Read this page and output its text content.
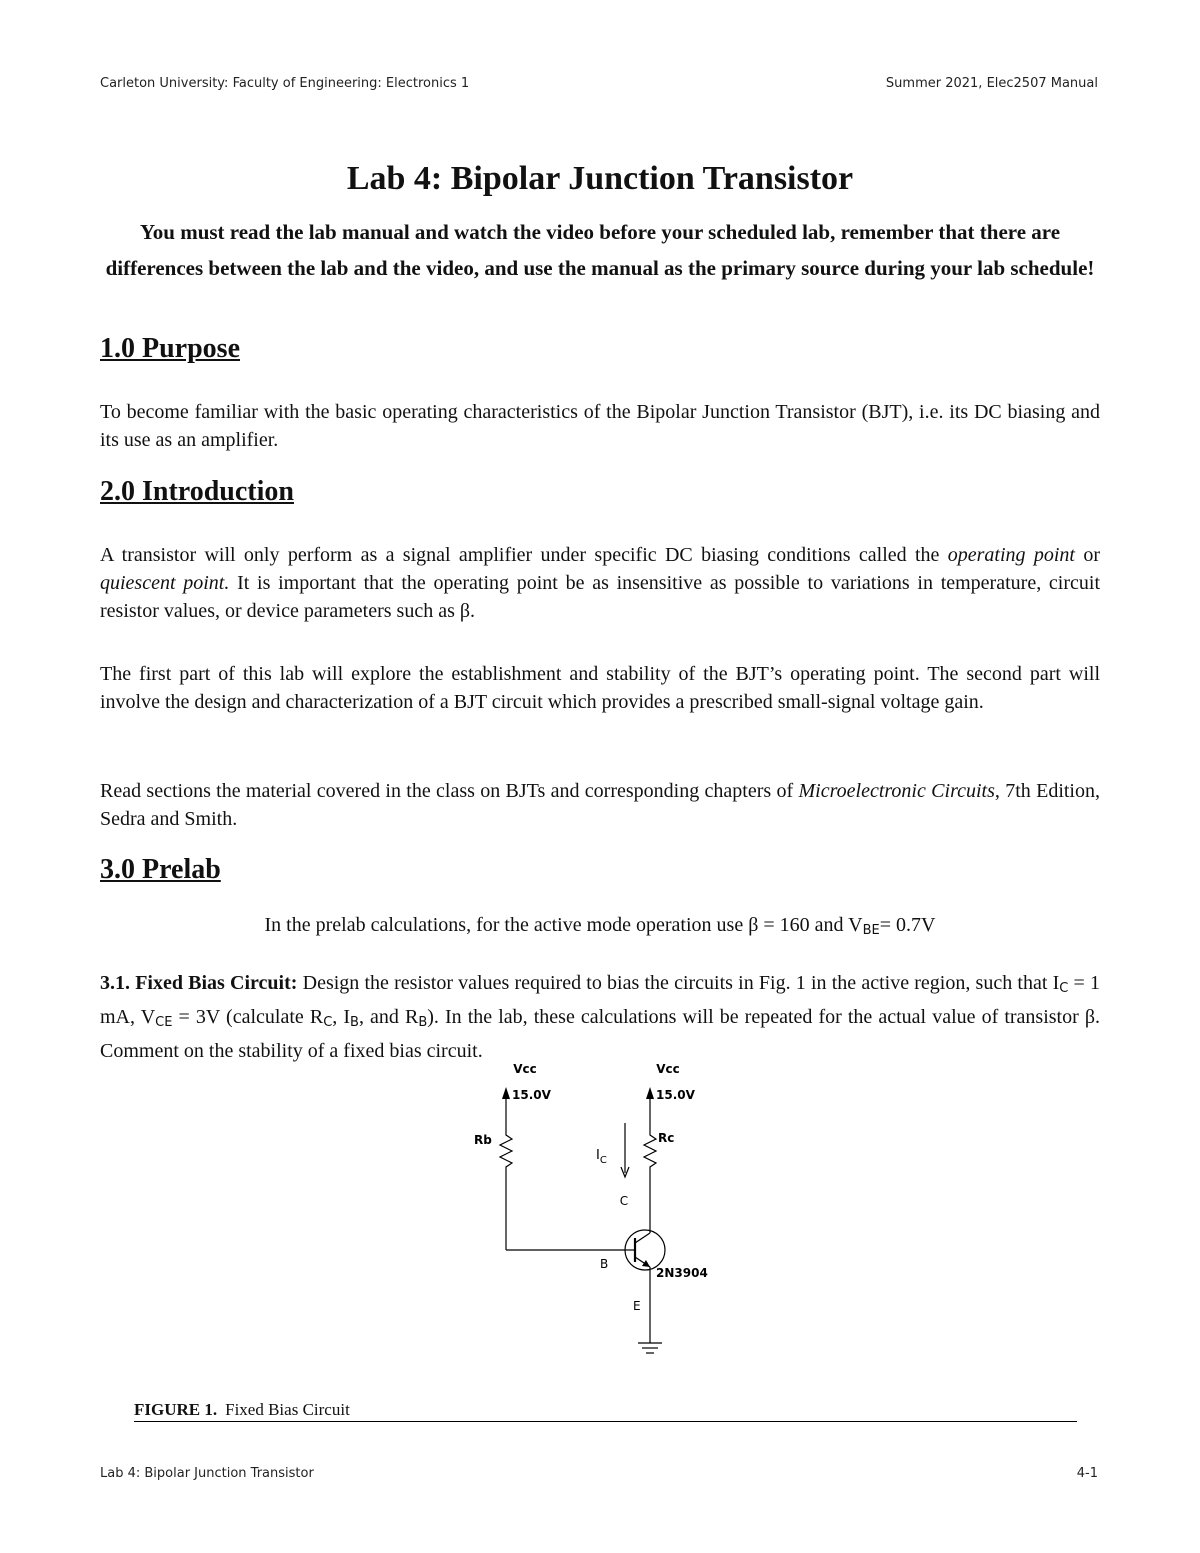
Carleton University: Faculty of Engineering: Electronics 1	Summer 2021, Elec2507 Manual
Lab 4: Bipolar Junction Transistor
You must read the lab manual and watch the video before your scheduled lab, remember that there are differences between the lab and the video, and use the manual as the primary source during your lab schedule!
1.0 Purpose

To become familiar with the basic operating characteristics of the Bipolar Junction Transistor (BJT), i.e. its DC biasing and its use as an amplifier.

2.0 Introduction

A transistor will only perform as a signal amplifier under specific DC biasing conditions called the operating point or quiescent point. It is important that the operating point be as insensitive as possible to variations in temperature, circuit resistor values, or device parameters such as β.

The first part of this lab will explore the establishment and stability of the BJT’s operating point. The second part will involve the design and characterization of a BJT circuit which provides a prescribed small-signal voltage gain.

Read sections the material covered in the class on BJTs and corresponding chapters of Microelectronic Circuits, 7th Edition, Sedra and Smith.

3.0 Prelab

In the prelab calculations, for the active mode operation use β = 160 and $V_{BE}= 0.7V$

3.1. Fixed Bias Circuit: Design the resistor values required to bias the circuits in Fig. 1 in the active region, such that $I_C = 1$ mA, $V_{CE} = 3V$ (calculate $R_C$, $I_B$, and $R_B$). In the lab, these calculations will be repeated for the actual value of transistor β. Comment on the stability of a fixed bias circuit.

Vcc
15.0V
Rb
Vcc
15.0V
Rc
$I_C$
C
B
2N3904
E
FIGURE 1. Fixed Bias Circuit
Lab 4: Bipolar Junction Transistor	4-1
